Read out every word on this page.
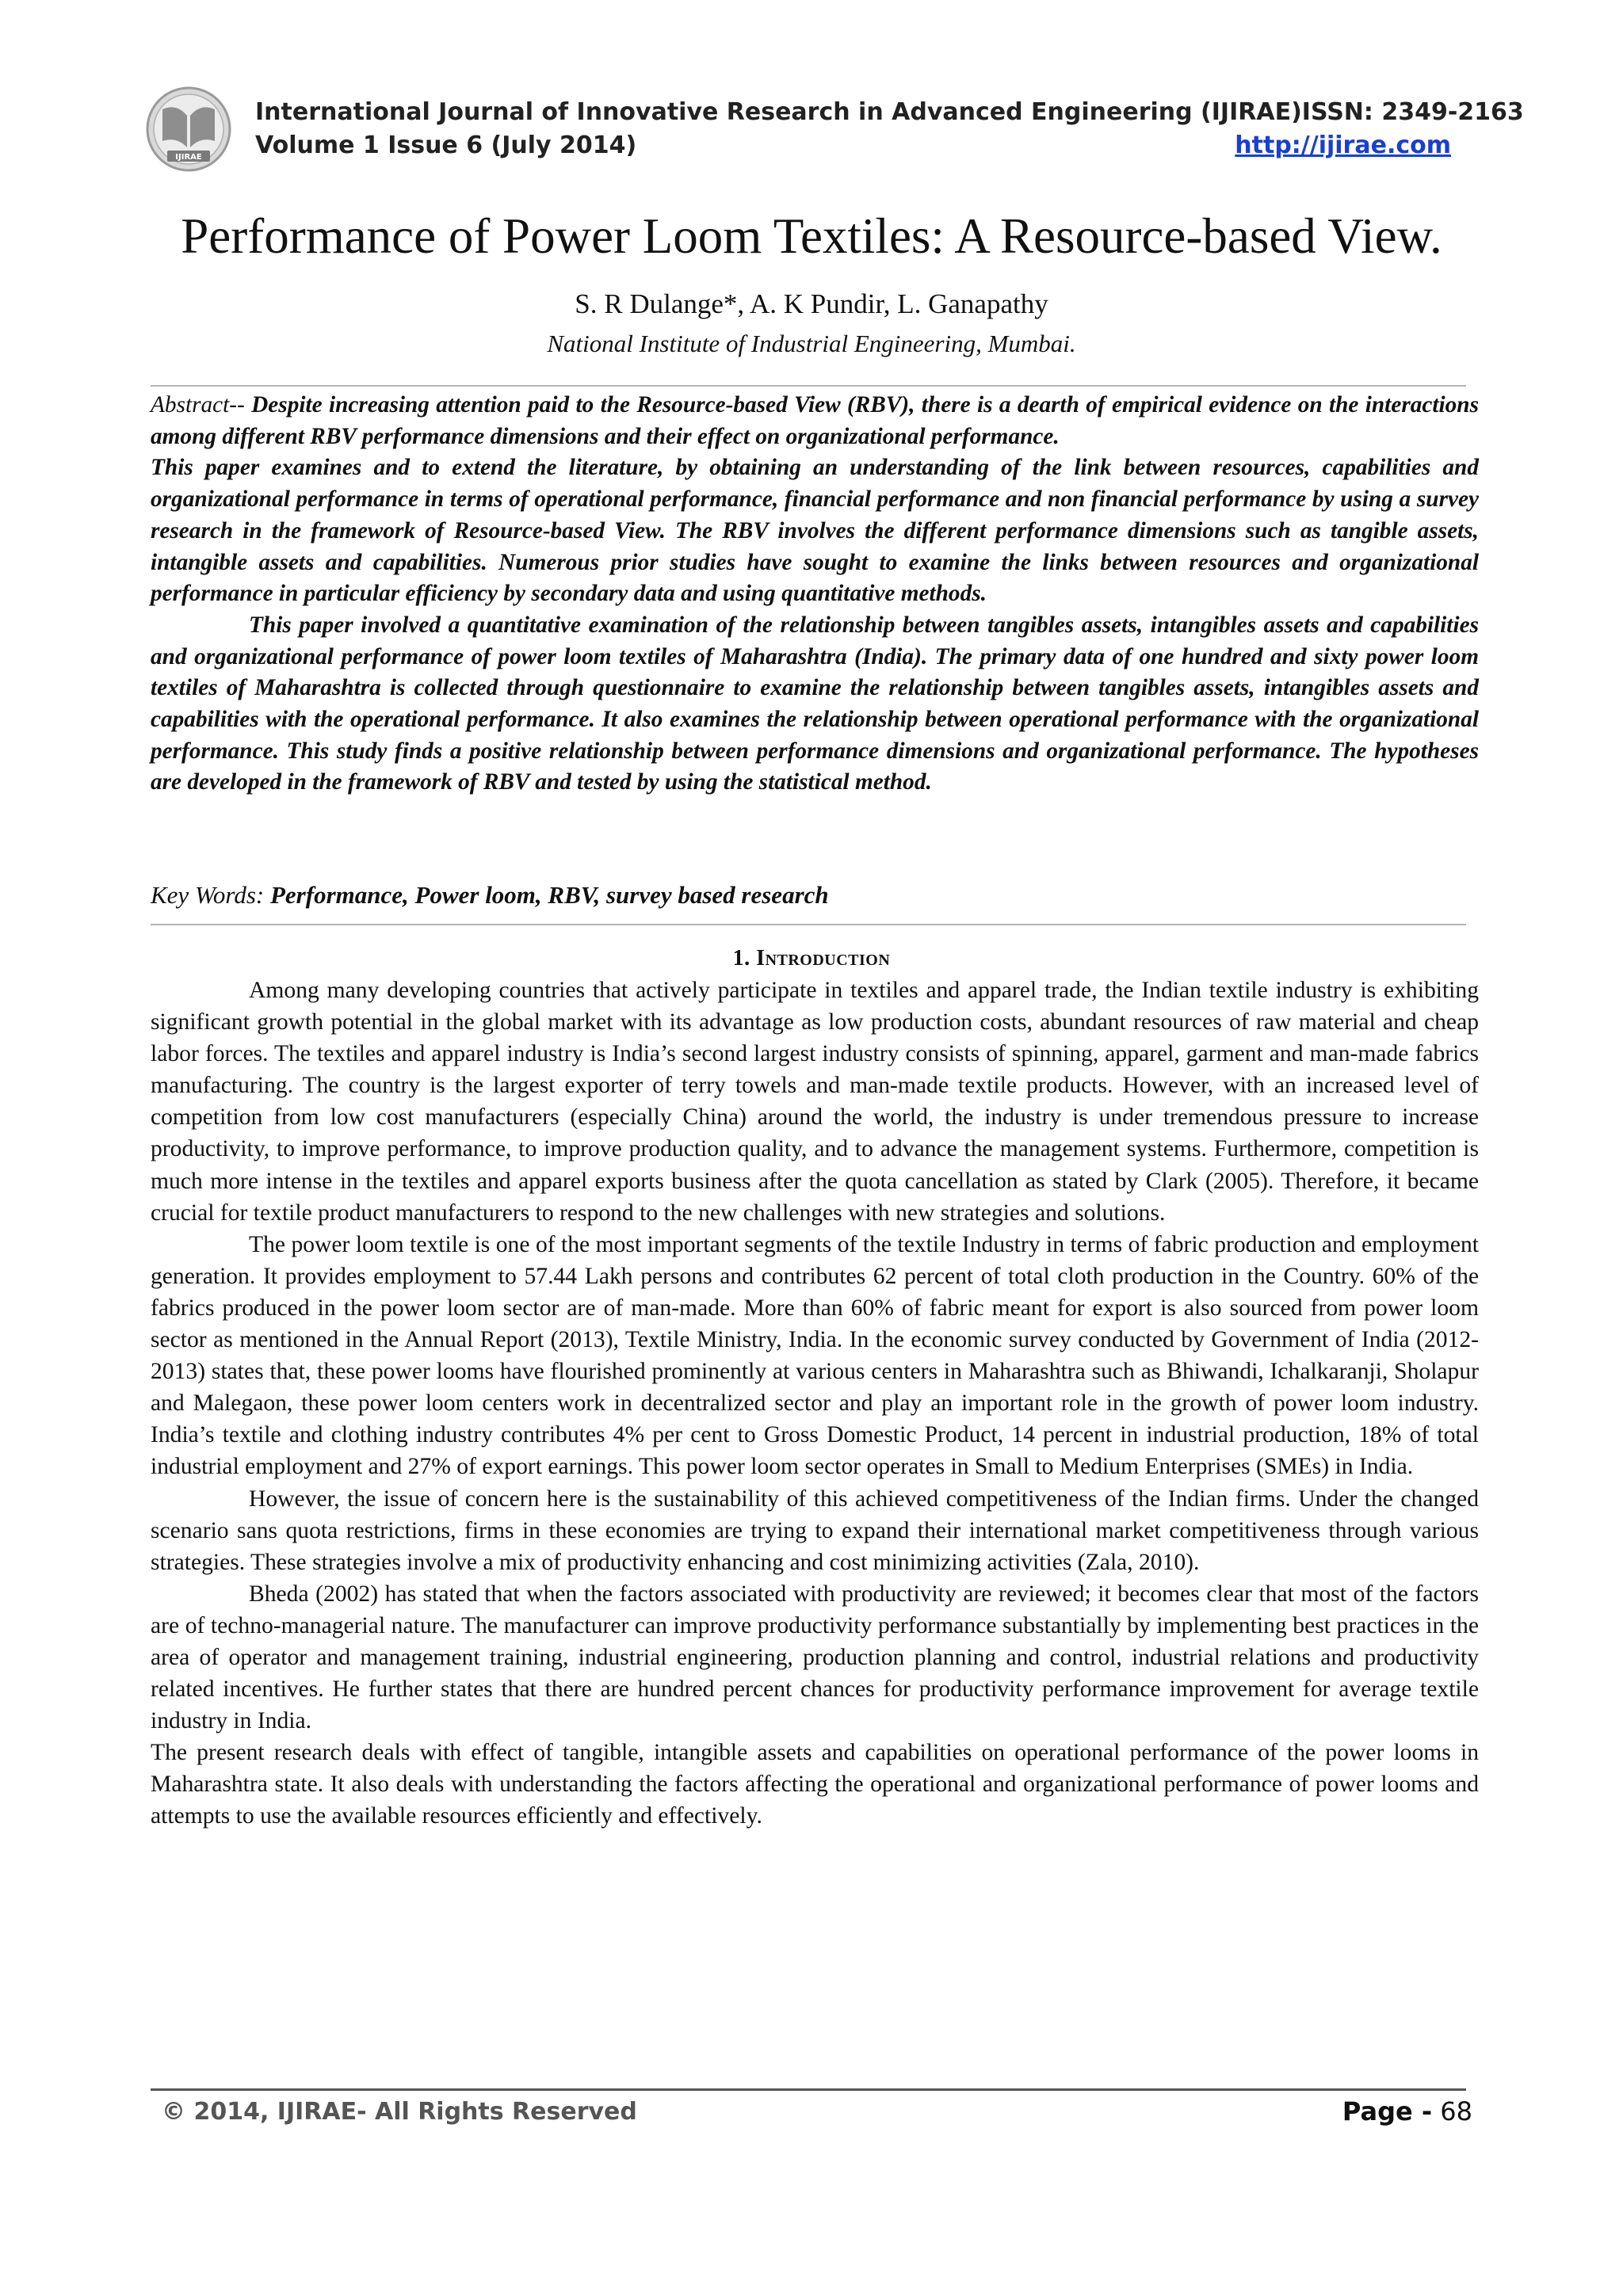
IJIRAE
International Journal of Innovative Research in Advanced Engineering (IJIRAE) ISSN: 2349-2163
Volume 1 Issue 6 (July 2014)	http://ijirae.com
Performance of Power Loom Textiles: A Resource-based View.
S. R Dulange*, A. K Pundir, L. Ganapathy
National Institute of Industrial Engineering, Mumbai.

Abstract-- Despite increasing attention paid to the Resource-based View (RBV), there is a dearth of empirical evidence on the interactions among different RBV performance dimensions and their effect on organizational performance.

This paper examines and to extend the literature, by obtaining an understanding of the link between resources, capabilities and organizational performance in terms of operational performance, financial performance and non financial performance by using a survey research in the framework of Resource-based View. The RBV involves the different performance dimensions such as tangible assets, intangible assets and capabilities. Numerous prior studies have sought to examine the links between resources and organizational performance in particular efficiency by secondary data and using quantitative methods.

This paper involved a quantitative examination of the relationship between tangibles assets, intangibles assets and capabilities and organizational performance of power loom textiles of Maharashtra (India). The primary data of one hundred and sixty power loom textiles of Maharashtra is collected through questionnaire to examine the relationship between tangibles assets, intangibles assets and capabilities with the operational performance. It also examines the relationship between operational performance with the organizational performance. This study finds a positive relationship between performance dimensions and organizational performance. The hypotheses are developed in the framework of RBV and tested by using the statistical method.

Key Words: Performance, Power loom, RBV, survey based research
1. Introduction

Among many developing countries that actively participate in textiles and apparel trade, the Indian textile industry is exhibiting significant growth potential in the global market with its advantage as low production costs, abundant resources of raw material and cheap labor forces. The textiles and apparel industry is India’s second largest industry consists of spinning, apparel, garment and man-made fabrics manufacturing. The country is the largest exporter of terry towels and man-made textile products. However, with an increased level of competition from low cost manufacturers (especially China) around the world, the industry is under tremendous pressure to increase productivity, to improve performance, to improve production quality, and to advance the management systems. Furthermore, competition is much more intense in the textiles and apparel exports business after the quota cancellation as stated by Clark (2005). Therefore, it became crucial for textile product manufacturers to respond to the new challenges with new strategies and solutions.

The power loom textile is one of the most important segments of the textile Industry in terms of fabric production and employment generation. It provides employment to 57.44 Lakh persons and contributes 62 percent of total cloth production in the Country. 60% of the fabrics produced in the power loom sector are of man-made. More than 60% of fabric meant for export is also sourced from power loom sector as mentioned in the Annual Report (2013), Textile Ministry, India. In the economic survey conducted by Government of India (2012-2013) states that, these power looms have flourished prominently at various centers in Maharashtra such as Bhiwandi, Ichalkaranji, Sholapur and Malegaon, these power loom centers work in decentralized sector and play an important role in the growth of power loom industry. India’s textile and clothing industry contributes 4% per cent to Gross Domestic Product, 14 percent in industrial production, 18% of total industrial employment and 27% of export earnings. This power loom sector operates in Small to Medium Enterprises (SMEs) in India.

However, the issue of concern here is the sustainability of this achieved competitiveness of the Indian firms. Under the changed scenario sans quota restrictions, firms in these economies are trying to expand their international market competitiveness through various strategies. These strategies involve a mix of productivity enhancing and cost minimizing activities (Zala, 2010).

Bheda (2002) has stated that when the factors associated with productivity are reviewed; it becomes clear that most of the factors are of techno-managerial nature. The manufacturer can improve productivity performance substantially by implementing best practices in the area of operator and management training, industrial engineering, production planning and control, industrial relations and productivity related incentives. He further states that there are hundred percent chances for productivity performance improvement for average textile industry in India.

The present research deals with effect of tangible, intangible assets and capabilities on operational performance of the power looms in Maharashtra state. It also deals with understanding the factors affecting the operational and organizational performance of power looms and attempts to use the available resources efficiently and effectively.

© 2014, IJIRAE- All Rights Reserved	Page - 68
